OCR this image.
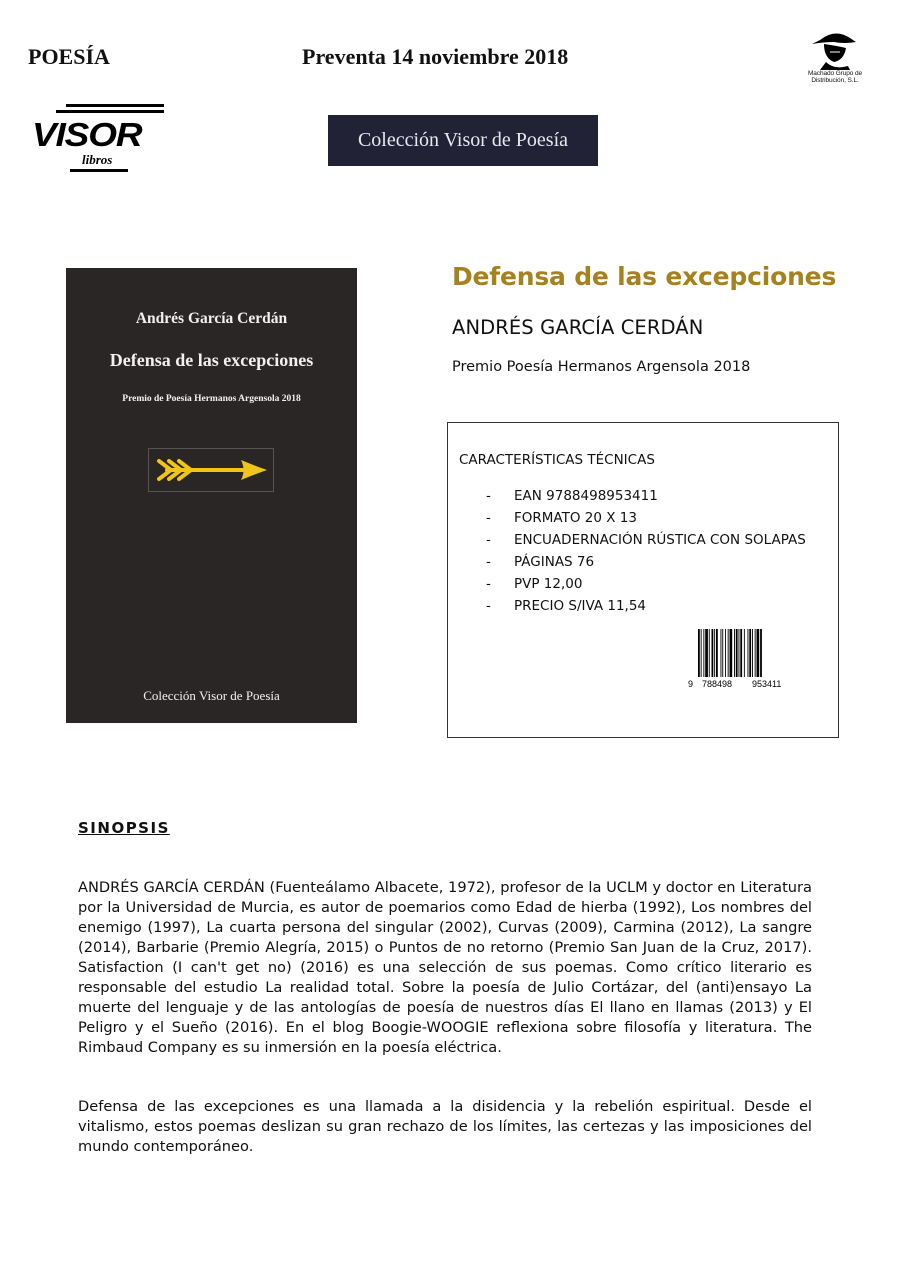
POESÍA	Preventa 14 noviembre 2018
Machado Grupo de Distribución, S.L.
VISOR
libros
Colección Visor de Poesía
Andrés García Cerdán
Defensa de las excepciones
Premio de Poesía Hermanos Argensola 2018
Colección Visor de Poesía
Defensa de las excepciones
ANDRÉS GARCÍA CERDÁN
Premio Poesía Hermanos Argensola 2018
CARACTERÍSTICAS TÉCNICAS
- EAN 9788498953411
- FORMATO 20 X 13
- ENCUADERNACIÓN RÚSTICA CON SOLAPAS
- PÁGINAS 76
- PVP 12,00
- PRECIO S/IVA 11,54
9 788498 953411
SINOPSIS
ANDRÉS GARCÍA CERDÁN (Fuenteálamo Albacete, 1972), profesor de la UCLM y doctor en Literatura por la Universidad de Murcia, es autor de poemarios como Edad de hierba (1992), Los nombres del enemigo (1997), La cuarta persona del singular (2002), Curvas (2009), Carmina (2012), La sangre (2014), Barbarie (Premio Alegría, 2015) o Puntos de no retorno (Premio San Juan de la Cruz, 2017). Satisfaction (I can't get no) (2016) es una selección de sus poemas. Como crítico literario es responsable del estudio La realidad total. Sobre la poesía de Julio Cortázar, del (anti)ensayo La muerte del lenguaje y de las antologías de poesía de nuestros días El llano en llamas (2013) y El Peligro y el Sueño (2016). En el blog Boogie-WOOGIE reflexiona sobre filosofía y literatura. The Rimbaud Company es su inmersión en la poesía eléctrica.
Defensa de las excepciones es una llamada a la disidencia y la rebelión espiritual. Desde el vitalismo, estos poemas deslizan su gran rechazo de los límites, las certezas y las imposiciones del mundo contemporáneo.
